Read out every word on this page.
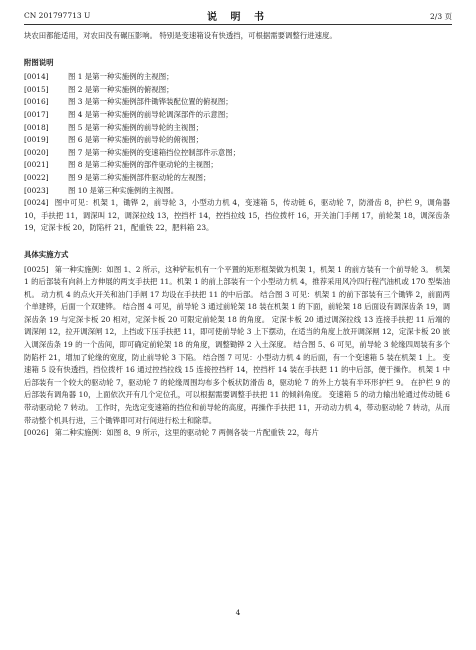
CN 201797713 U	说 明 书	2/3 页

块农田都能适用，对农田没有碾压影响。 特别是变速箱设有快透挡，可根据需要调整行进速度。

附图说明

[0014]	图 1 是第一种实施例的主视图；

[0015]	图 2 是第一种实施例的俯视图；

[0016]	图 3 是第一种实施例部件锄铧装配位置的俯视图；

[0017]	图 4 是第一种实施例的前导轮调深部件的示意图；

[0018]	图 5 是第一种实施例的前导轮的主视图；

[0019]	图 6 是第一种实施例的前导轮的俯视图；

[0020]	图 7 是第一种实施例的变速箱挡位控制部件示意图；

[0021]	图 8 是第二种实施例的部件驱动轮的主视图；

[0022]	图 9 是第二种实施例部件驱动轮的左视图；

[0023]	图 10 是第三种实施例的主视图。

[0024] 图中可见：机架 1，锄铧 2，前导轮 3，小型动力机 4，变速箱 5，传动链 6，驱动轮 7，防滑齿 8，护栏 9，调角器 10，手扶把 11，调深叫 12，调深拉线 13，控挡杆 14，控挡拉线 15，挡位拨杆 16，开关油门手闸 17，前轮架 18，调深齿条 19，定深卡板 20，防陷杆 21，配重铁 22，肥料箱 23。

具体实施方式

[0025] 第一种实施例：如图 1、2 所示，这种铲耘机有一个平置的矩形框架做为机架 1，机架 1 的前方装有一个前导轮 3。 机架 1 的后部装有向斜上方伸展的两支手扶把 11。机架 1 的前上部装有一个小型动力机 4，推荐采用风冷四行程汽油机或 170 型柴油机。 动力机 4 的点火开关和油门手闸 17 均设在手扶把 11 的中后部。 结合图 3 可见：机架 1 的前下部装有三个锄铧 2，前面两个单建铧，后面一个双建铧。 结合图 4 可见，前导轮 3 通过前轮架 18 装在机架 1 的下面，前轮架 18 后面设有调深齿条 19，调深齿条 19 与定深卡板 20 相对，定深卡板 20 可限定前轮架 18 的角度。 定深卡板 20 通过调深拉线 13 连接手扶把 11 后端的调深闸 12，拉开调深闸 12，上挡或下压手扶把 11，即可使前导轮 3 上下摆动，在适当的角度上放开调深闸 12，定深卡板 20 嵌入调深齿条 19 的一个齿间，即可确定前轮架 18 的角度，调整锄铧 2 入土深度。 结合图 5、6 可见，前导轮 3 轮缘四周装有多个防陷杆 21，增加了轮缘的宽度，防止前导轮 3 下陷。 结合图 7 可见：小型动力机 4 的后面，有一个变速箱 5 装在机架 1 上。 变速箱 5 设有快透挡，挡位拨杆 16 通过控挡拉线 15 连接控挡杆 14，控挡杆 14 装在手扶把 11 的中后部，便于操作。 机架 1 中后部装有一个较大的驱动轮 7，驱动轮 7 的轮缘周围均布多个板状防滑齿 8，驱动轮 7 的外上方装有半环形护栏 9。 在护栏 9 的后部装有调角器 10，上面依次开有几个定位孔，可以根据需要调整手扶把 11 的倾斜角度。 变速箱 5 的动力输出轮通过传动链 6 带动驱动轮 7 转动。 工作时，先选定变速箱的挡位和前导轮的高度，再操作手扶把 11，开动动力机 4，带动驱动轮 7 转动，从而带动整个机具行进，三个锄铧即可对行间进行松土和除草。

[0026] 第二种实施例：如图 8、9 所示，这里的驱动轮 7 两侧各装一片配重铁 22，每片

4
